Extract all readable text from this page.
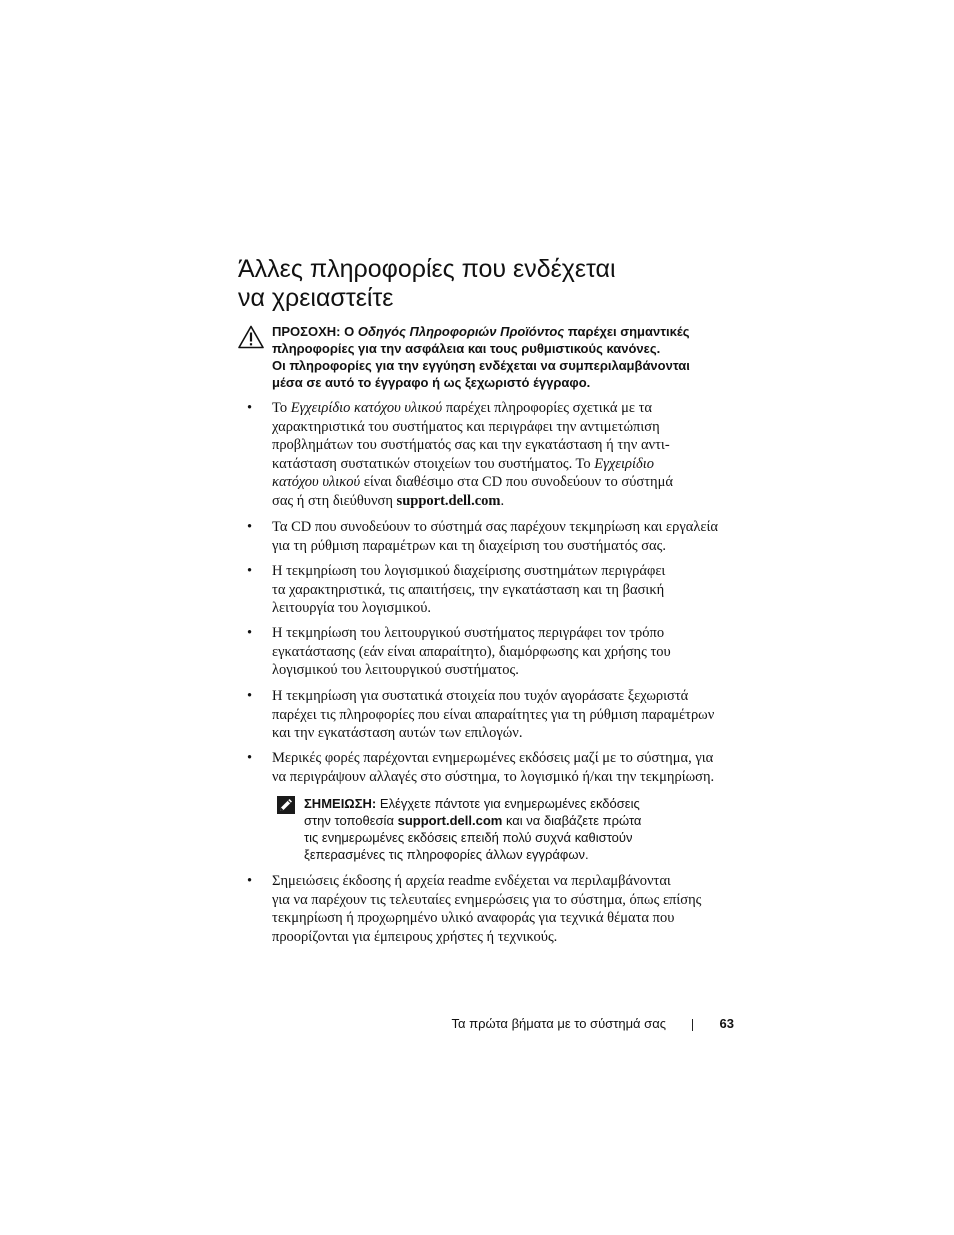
Άλλες πληροφορίες που ενδέχεται
να χρειαστείτε
ΠΡΟΣΟΧΗ: Ο Οδηγός Πληροφοριών Προϊόντος παρέχει σημαντικές
πληροφορίες για την ασφάλεια και τους ρυθμιστικούς κανόνες.
Οι πληροφορίες για την εγγύηση ενδέχεται να συμπεριλαμβάνονται
μέσα σε αυτό το έγγραφο ή ως ξεχωριστό έγγραφο.
• Το Εγχειρίδιο κατόχου υλικού παρέχει πληροφορίες σχετικά με τα
χαρακτηριστικά του συστήματος και περιγράφει την αντιμετώπιση
προβλημάτων του συστήματός σας και την εγκατάσταση ή την αντι-
κατάσταση συστατικών στοιχείων του συστήματος. Το Εγχειρίδιο
κατόχου υλικού είναι διαθέσιμο στα CD που συνοδεύουν το σύστημά
σας ή στη διεύθυνση support.dell.com.
• Τα CD που συνοδεύουν το σύστημά σας παρέχουν τεκμηρίωση και εργαλεία
για τη ρύθμιση παραμέτρων και τη διαχείριση του συστήματός σας.
• Η τεκμηρίωση του λογισμικού διαχείρισης συστημάτων περιγράφει
τα χαρακτηριστικά, τις απαιτήσεις, την εγκατάσταση και τη βασική
λειτουργία του λογισμικού.
• Η τεκμηρίωση του λειτουργικού συστήματος περιγράφει τον τρόπο
εγκατάστασης (εάν είναι απαραίτητο), διαμόρφωσης και χρήσης του
λογισμικού του λειτουργικού συστήματος.
• Η τεκμηρίωση για συστατικά στοιχεία που τυχόν αγοράσατε ξεχωριστά
παρέχει τις πληροφορίες που είναι απαραίτητες για τη ρύθμιση παραμέτρων
και την εγκατάσταση αυτών των επιλογών.
• Μερικές φορές παρέχονται ενημερωμένες εκδόσεις μαζί με το σύστημα, για
να περιγράψουν αλλαγές στο σύστημα, το λογισμικό ή/και την τεκμηρίωση.
ΣΗΜΕΙΩΣΗ: Ελέγχετε πάντοτε για ενημερωμένες εκδόσεις
στην τοποθεσία support.dell.com και να διαβάζετε πρώτα
τις ενημερωμένες εκδόσεις επειδή πολύ συχνά καθιστούν
ξεπερασμένες τις πληροφορίες άλλων εγγράφων.
• Σημειώσεις έκδοσης ή αρχεία readme ενδέχεται να περιλαμβάνονται
για να παρέχουν τις τελευταίες ενημερώσεις για το σύστημα, όπως επίσης
τεκμηρίωση ή προχωρημένο υλικό αναφοράς για τεχνικά θέματα που
προορίζονται για έμπειρους χρήστες ή τεχνικούς.
Τα πρώτα βήματα με το σύστημά σας	63
